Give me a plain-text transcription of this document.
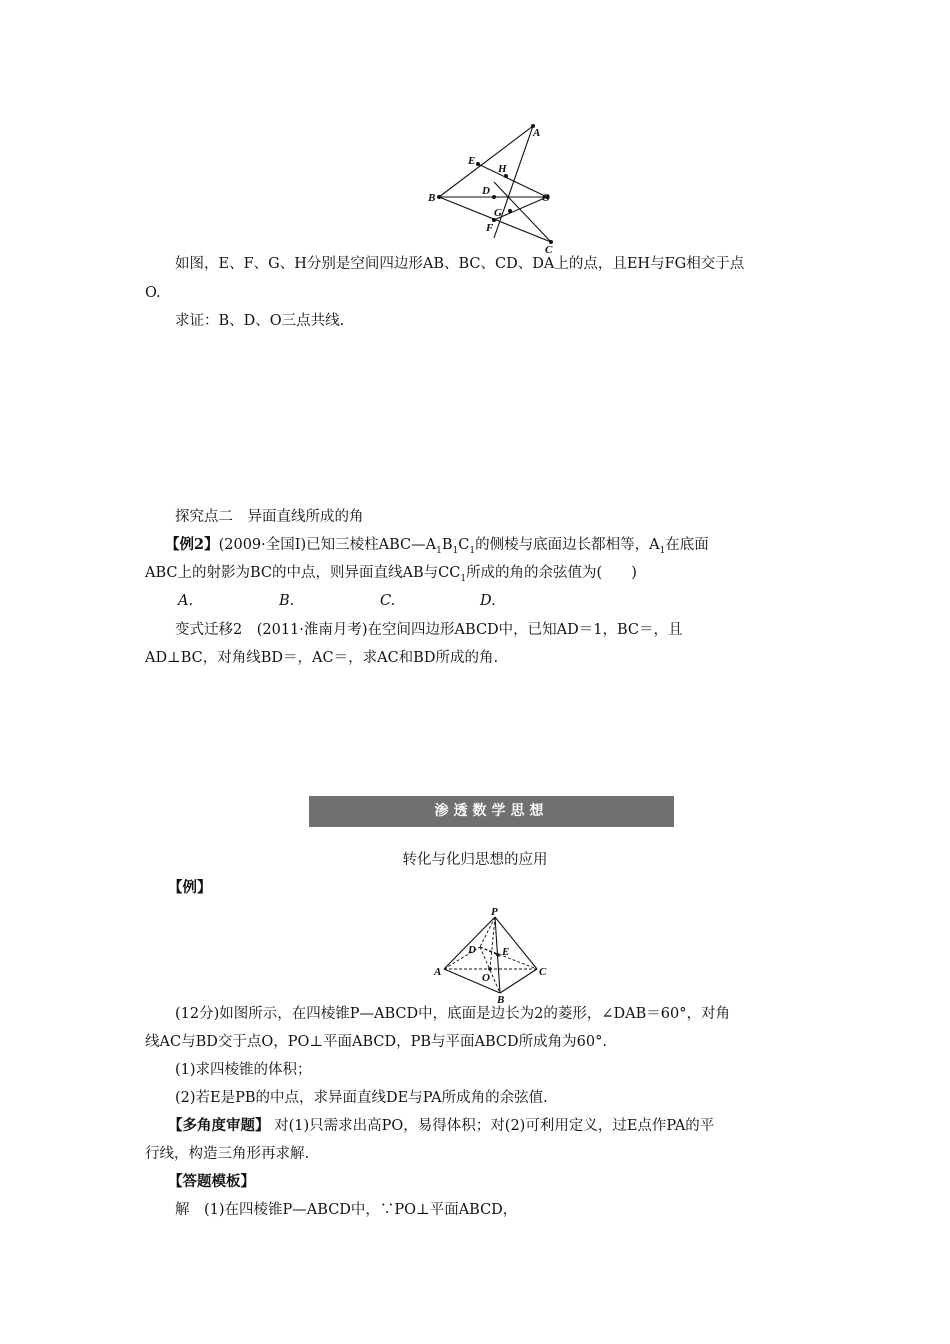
A
B
C
D
E
F
G
H
O
如图，E、F、G、H分别是空间四边形AB、BC、CD、DA上的点，且EH与FG相交于点
O.
求证：B、D、O三点共线.
探究点二　异面直线所成的角
【例2】(2009·全国Ⅰ)已知三棱柱$ABC—A_1B_1C_1$的侧棱与底面边长都相等，$A_1$在底面
ABC上的射影为BC的中点，则异面直线AB与$CC_1$所成的角的余弦值为(　　)
A.	B.	C.	D.
变式迁移2　(2011·淮南月考)在空间四边形ABCD中，已知AD＝1，BC＝，且
AD⊥BC，对角线BD＝，AC＝，求AC和BD所成的角.
渗透数学思想
转化与化归思想的应用
【例】
P
D E
A	O	C
B
(12分)如图所示，在四棱锥P—ABCD中，底面是边长为2的菱形，∠DAB＝60°，对角
线AC与BD交于点O，PO⊥平面ABCD，PB与平面ABCD所成角为60°.
(1)求四棱锥的体积；
(2)若E是PB的中点，求异面直线DE与PA所成角的余弦值.
【多角度审题】 对(1)只需求出高PO，易得体积；对(2)可利用定义，过E点作PA的平
行线，构造三角形再求解.
【答题模板】
解　(1)在四棱锥P—ABCD中，∵PO⊥平面ABCD，
